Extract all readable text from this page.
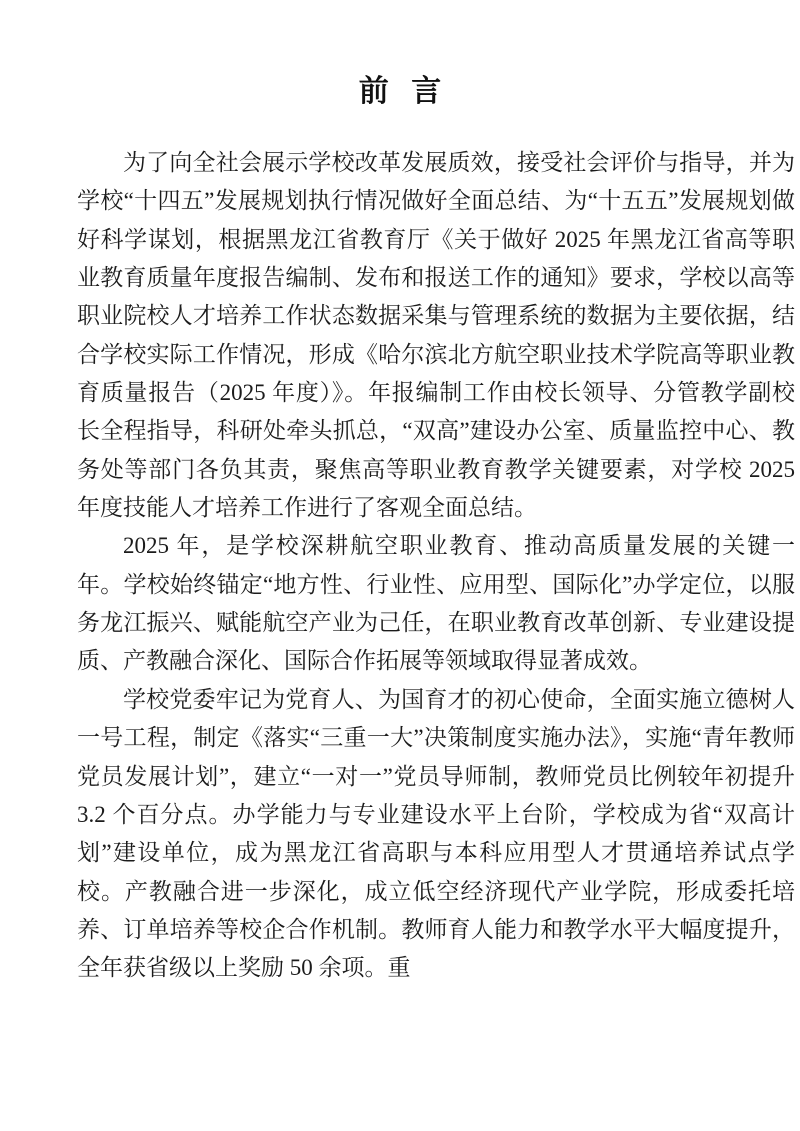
前 言

为了向全社会展示学校改革发展质效，接受社会评价与指导，并为学校“十四五”发展规划执行情况做好全面总结、为“十五五”发展规划做好科学谋划，根据黑龙江省教育厅《关于做好 2025 年黑龙江省高等职业教育质量年度报告编制、发布和报送工作的通知》要求，学校以高等职业院校人才培养工作状态数据采集与管理系统的数据为主要依据，结合学校实际工作情况，形成《哈尔滨北方航空职业技术学院高等职业教育质量报告（2025 年度）》。年报编制工作由校长领导、分管教学副校长全程指导，科研处牵头抓总，“双高”建设办公室、质量监控中心、教务处等部门各负其责，聚焦高等职业教育教学关键要素，对学校 2025 年度技能人才培养工作进行了客观全面总结。

2025 年，是学校深耕航空职业教育、推动高质量发展的关键一年。学校始终锚定“地方性、行业性、应用型、国际化”办学定位，以服务龙江振兴、赋能航空产业为己任，在职业教育改革创新、专业建设提质、产教融合深化、国际合作拓展等领域取得显著成效。

学校党委牢记为党育人、为国育才的初心使命，全面实施立德树人一号工程，制定《落实“三重一大”决策制度实施办法》，实施“青年教师党员发展计划”，建立“一对一”党员导师制，教师党员比例较年初提升 3.2 个百分点。办学能力与专业建设水平上台阶，学校成为省“双高计划”建设单位，成为黑龙江省高职与本科应用型人才贯通培养试点学校。产教融合进一步深化，成立低空经济现代产业学院，形成委托培养、订单培养等校企合作机制。教师育人能力和教学水平大幅度提升，全年获省级以上奖励 50 余项。重
